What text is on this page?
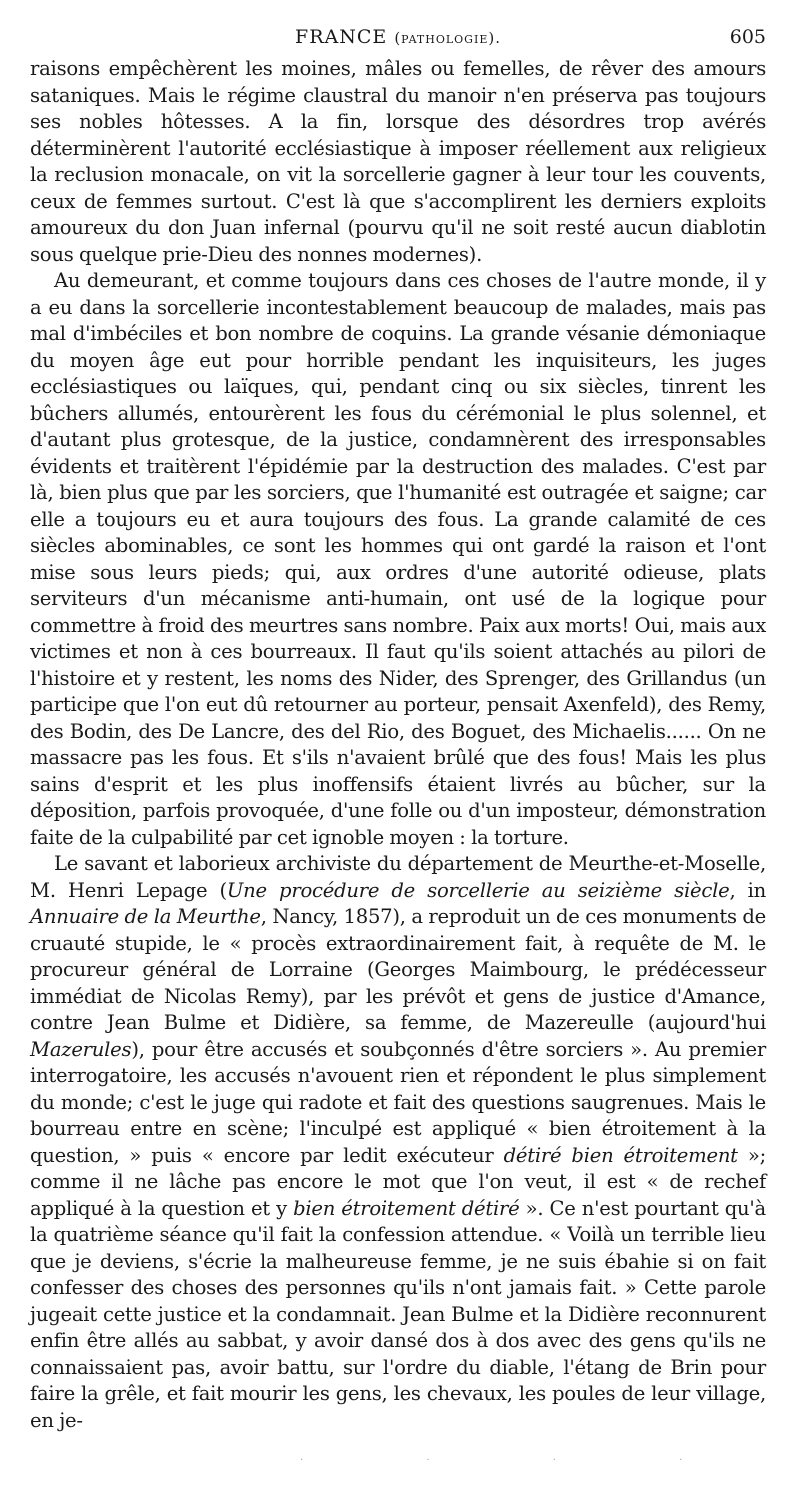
FRANCE (pathologie).	605

raisons empêchèrent les moines, mâles ou femelles, de rêver des amours sataniques. Mais le régime claustral du manoir n'en préserva pas toujours ses nobles hôtesses. A la fin, lorsque des désordres trop avérés déterminèrent l'autorité ecclésiastique à imposer réellement aux religieux la reclusion monacale, on vit la sorcellerie gagner à leur tour les couvents, ceux de femmes surtout. C'est là que s'accomplirent les derniers exploits amoureux du don Juan infernal (pourvu qu'il ne soit resté aucun diablotin sous quelque prie-Dieu des nonnes modernes).

Au demeurant, et comme toujours dans ces choses de l'autre monde, il y a eu dans la sorcellerie incontestablement beaucoup de malades, mais pas mal d'imbéciles et bon nombre de coquins. La grande vésanie démoniaque du moyen âge eut pour horrible pendant les inquisiteurs, les juges ecclésiastiques ou laïques, qui, pendant cinq ou six siècles, tinrent les bûchers allumés, entourèrent les fous du cérémonial le plus solennel, et d'autant plus grotesque, de la justice, condamnèrent des irresponsables évidents et traitèrent l'épidémie par la destruction des malades. C'est par là, bien plus que par les sorciers, que l'humanité est outragée et saigne; car elle a toujours eu et aura toujours des fous. La grande calamité de ces siècles abominables, ce sont les hommes qui ont gardé la raison et l'ont mise sous leurs pieds; qui, aux ordres d'une autorité odieuse, plats serviteurs d'un mécanisme anti-humain, ont usé de la logique pour commettre à froid des meurtres sans nombre. Paix aux morts! Oui, mais aux victimes et non à ces bourreaux. Il faut qu'ils soient attachés au pilori de l'histoire et y restent, les noms des Nider, des Sprenger, des Grillandus (un participe que l'on eut dû retourner au porteur, pensait Axenfeld), des Remy, des Bodin, des De Lancre, des del Rio, des Boguet, des Michaelis...... On ne massacre pas les fous. Et s'ils n'avaient brûlé que des fous! Mais les plus sains d'esprit et les plus inoffensifs étaient livrés au bûcher, sur la déposition, parfois provoquée, d'une folle ou d'un imposteur, démonstration faite de la culpabilité par cet ignoble moyen : la torture.

Le savant et laborieux archiviste du département de Meurthe-et-Moselle, M. Henri Lepage (Une procédure de sorcellerie au seizième siècle, in Annuaire de la Meurthe, Nancy, 1857), a reproduit un de ces monuments de cruauté stupide, le « procès extraordinairement fait, à requête de M. le procureur général de Lorraine (Georges Maimbourg, le prédécesseur immédiat de Nicolas Remy), par les prévôt et gens de justice d'Amance, contre Jean Bulme et Didière, sa femme, de Mazereulle (aujourd'hui Mazerules), pour être accusés et soubçonnés d'être sorciers ». Au premier interrogatoire, les accusés n'avouent rien et répondent le plus simplement du monde; c'est le juge qui radote et fait des questions saugrenues. Mais le bourreau entre en scène; l'inculpé est appliqué « bien étroitement à la question, » puis « encore par ledit exécuteur détiré bien étroitement »; comme il ne lâche pas encore le mot que l'on veut, il est « de rechef appliqué à la question et y bien étroitement détiré ». Ce n'est pourtant qu'à la quatrième séance qu'il fait la confession attendue. « Voilà un terrible lieu que je deviens, s'écrie la malheureuse femme, je ne suis ébahie si on fait confesser des choses des personnes qu'ils n'ont jamais fait. » Cette parole jugeait cette justice et la condamnait. Jean Bulme et la Didière reconnurent enfin être allés au sabbat, y avoir dansé dos à dos avec des gens qu'ils ne connaissaient pas, avoir battu, sur l'ordre du diable, l'étang de Brin pour faire la grêle, et fait mourir les gens, les chevaux, les poules de leur village, en je-

· · · ·
